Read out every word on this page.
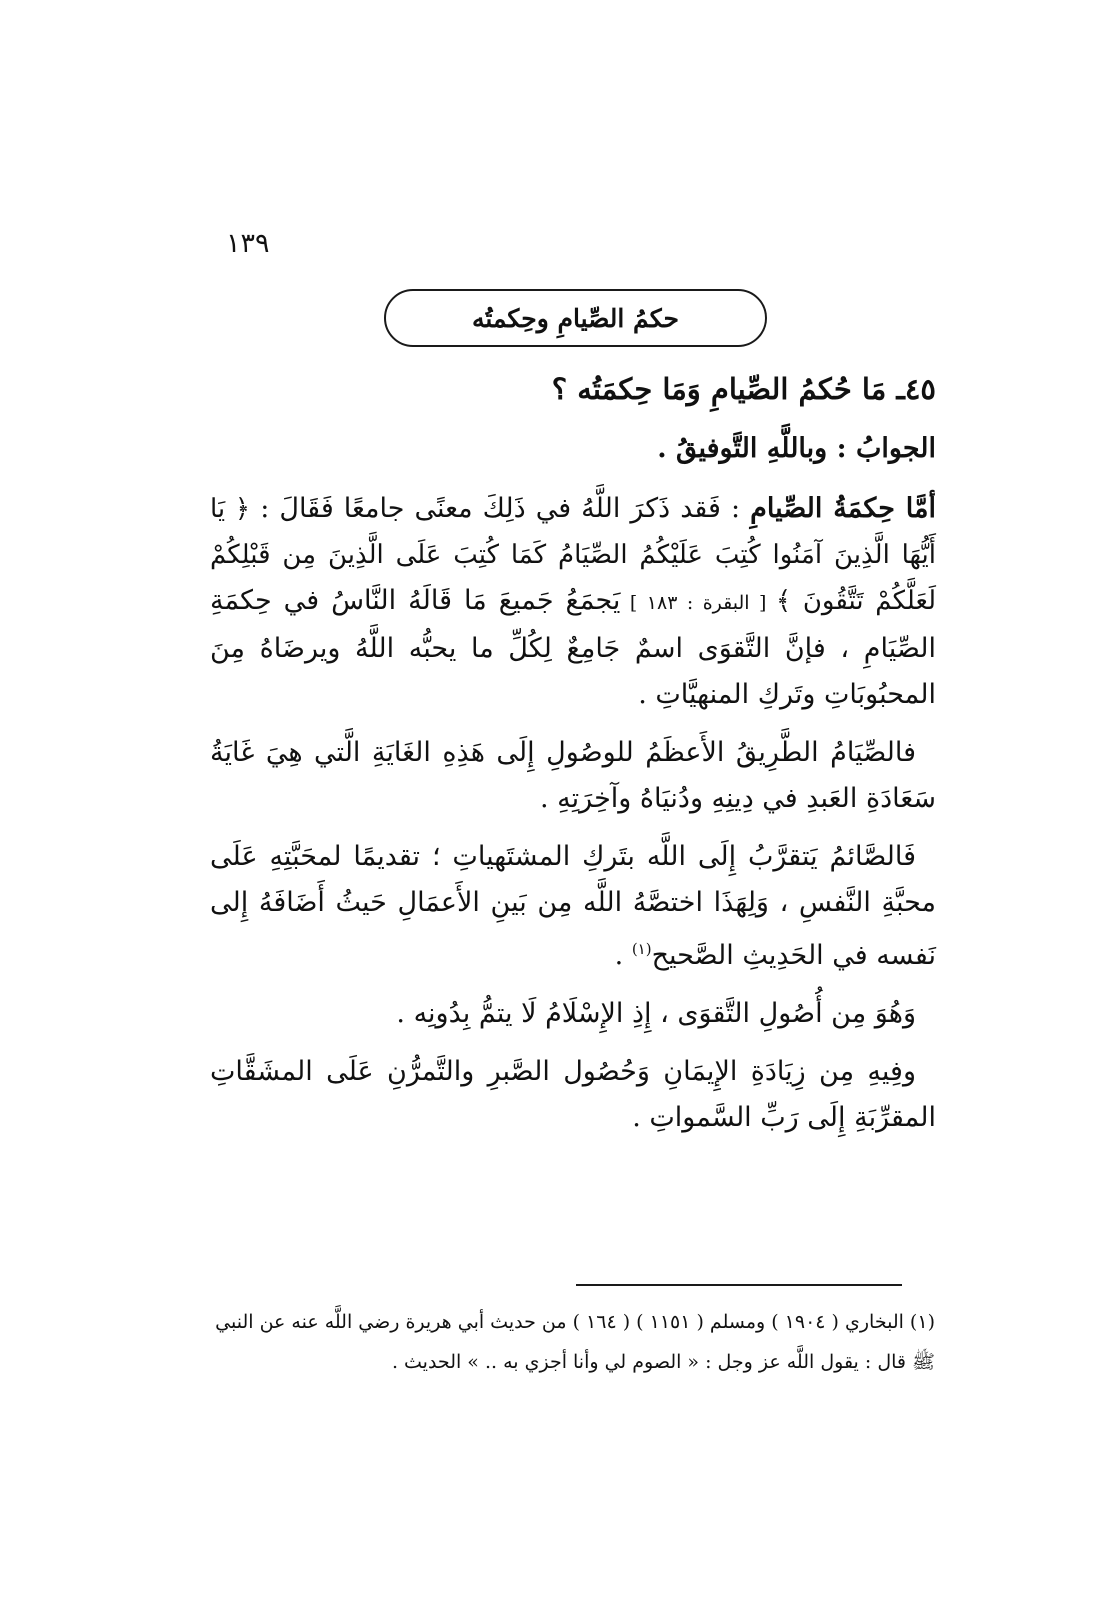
١٣٩
حكمُ الصِّيامِ وحِكمتُه
٤٥ـ مَا حُكمُ الصِّيامِ وَمَا حِكمَتُه ؟
الجوابُ : وباللَّهِ التَّوفيقُ .

أمَّا حِكمَةُ الصِّيامِ : فَقد ذَكرَ اللَّهُ في ذَلِكَ معنًى جامعًا فَقَالَ : ﴿ يَا أَيُّهَا الَّذِينَ آمَنُوا كُتِبَ عَلَيْكُمُ الصِّيَامُ كَمَا كُتِبَ عَلَى الَّذِينَ مِن قَبْلِكُمْ لَعَلَّكُمْ تَتَّقُونَ ﴾ [ البقرة : ١٨٣ ] يَجمَعُ جَميعَ مَا قَالَهُ النَّاسُ في حِكمَةِ الصِّيَامِ ، فإنَّ التَّقوَى اسمٌ جَامِعٌ لِكُلِّ ما يحبُّه اللَّهُ ويرضَاهُ مِنَ المحبُوبَاتِ وتَركِ المنهيَّاتِ .

فالصِّيَامُ الطَّرِيقُ الأَعظَمُ للوصُولِ إِلَى هَذِهِ الغَايَةِ الَّتي هِيَ غَايَةُ سَعَادَةِ العَبدِ في دِينِهِ ودُنيَاهُ وآخِرَتِهِ .

فَالصَّائمُ يَتقرَّبُ إِلَى اللَّه بتَركِ المشتَهياتِ ؛ تقديمًا لمحَبَّتِهِ عَلَى محبَّةِ النَّفسِ ، وَلِهَذَا اختصَّهُ اللَّه مِن بَينِ الأَعمَالِ حَيثُ أَضَافَهُ إِلى نَفسه في الحَدِيثِ الصَّحيح$^{(١)}$ .

وَهُوَ مِن أُصُولِ التَّقوَى ، إِذِ الإِسْلَامُ لَا يتمُّ بِدُونِه .

وفِيهِ مِن زِيَادَةِ الإِيمَانِ وَحُصُول الصَّبرِ والتَّمرُّنِ عَلَى المشَقَّاتِ المقرِّبَةِ إِلَى رَبِّ السَّمواتِ .

(١) البخاري ( ١٩٠٤ ) ومسلم ( ١١٥١ ) ( ١٦٤ ) من حديث أبي هريرة رضي اللَّه عنه عن النبي
ﷺ قال : يقول اللَّه عز وجل : « الصوم لي وأنا أجزي به .. » الحديث .
